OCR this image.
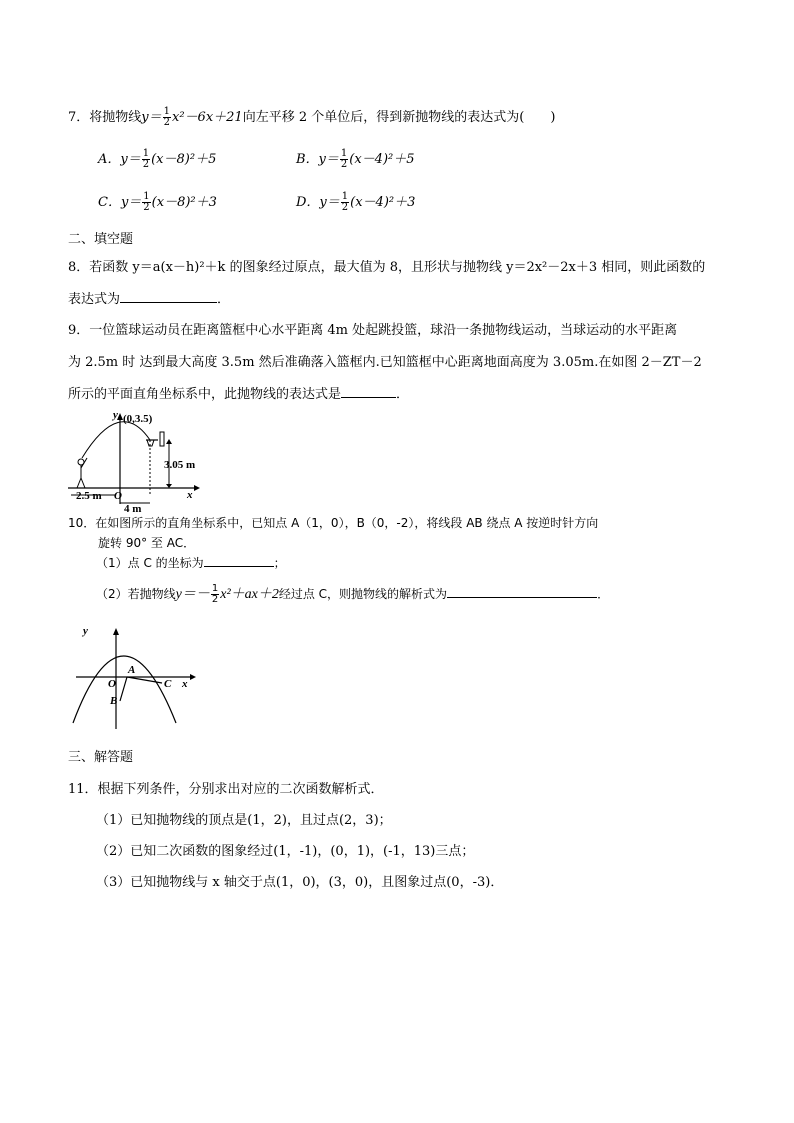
7．将抛物线$y= \frac{1}{2} x^2-6x+21$向左平移 2 个单位后，得到新抛物线的表达式为(　　)
A．$y= \frac{1}{2} (x-8)^2+5$	B．$y= \frac{1}{2} (x-4)^2+5$
C．$y= \frac{1}{2} (x-8)^2+3$	D．$y= \frac{1}{2} (x-4)^2+3$
二、填空题
8．若函数 y＝a(x－h)²＋k 的图象经过原点，最大值为 8，且形状与抛物线 y＝2x²－2x＋3 相同，则此函数的
表达式为	．
9．一位篮球运动员在距离篮框中心水平距离 4m 处起跳投篮，球沿一条抛物线运动，当球运动的水平距离
为 2.5m 时 达到最大高度 3.5m 然后准确落入篮框内.已知篮框中心距离地面高度为 3.05m.在如图 2－ZT－2
所示的平面直角坐标系中，此抛物线的表达式是	．
y (0,3.5)
3.05 m
x
2.5 m O
4 m
10．在如图所示的直角坐标系中，已知点 A（1，0），B（0，-2），将线段 AB 绕点 A 按逆时针方向
旋转 90° 至 AC．
（1）点 C 的坐标为	；
（2）若抛物线$y=- \frac{1}{2} x^2+ax+2$经过点 C，则抛物线的解析式为	．
y
x
O
A
B
C
三、解答题
11．根据下列条件，分别求出对应的二次函数解析式．
（1）已知抛物线的顶点是(1，2)，且过点(2，3)；
（2）已知二次函数的图象经过(1，-1)，(0，1)，(-1，13)三点；
（3）已知抛物线与 x 轴交于点(1，0)，(3，0)，且图象过点(0，-3)．
